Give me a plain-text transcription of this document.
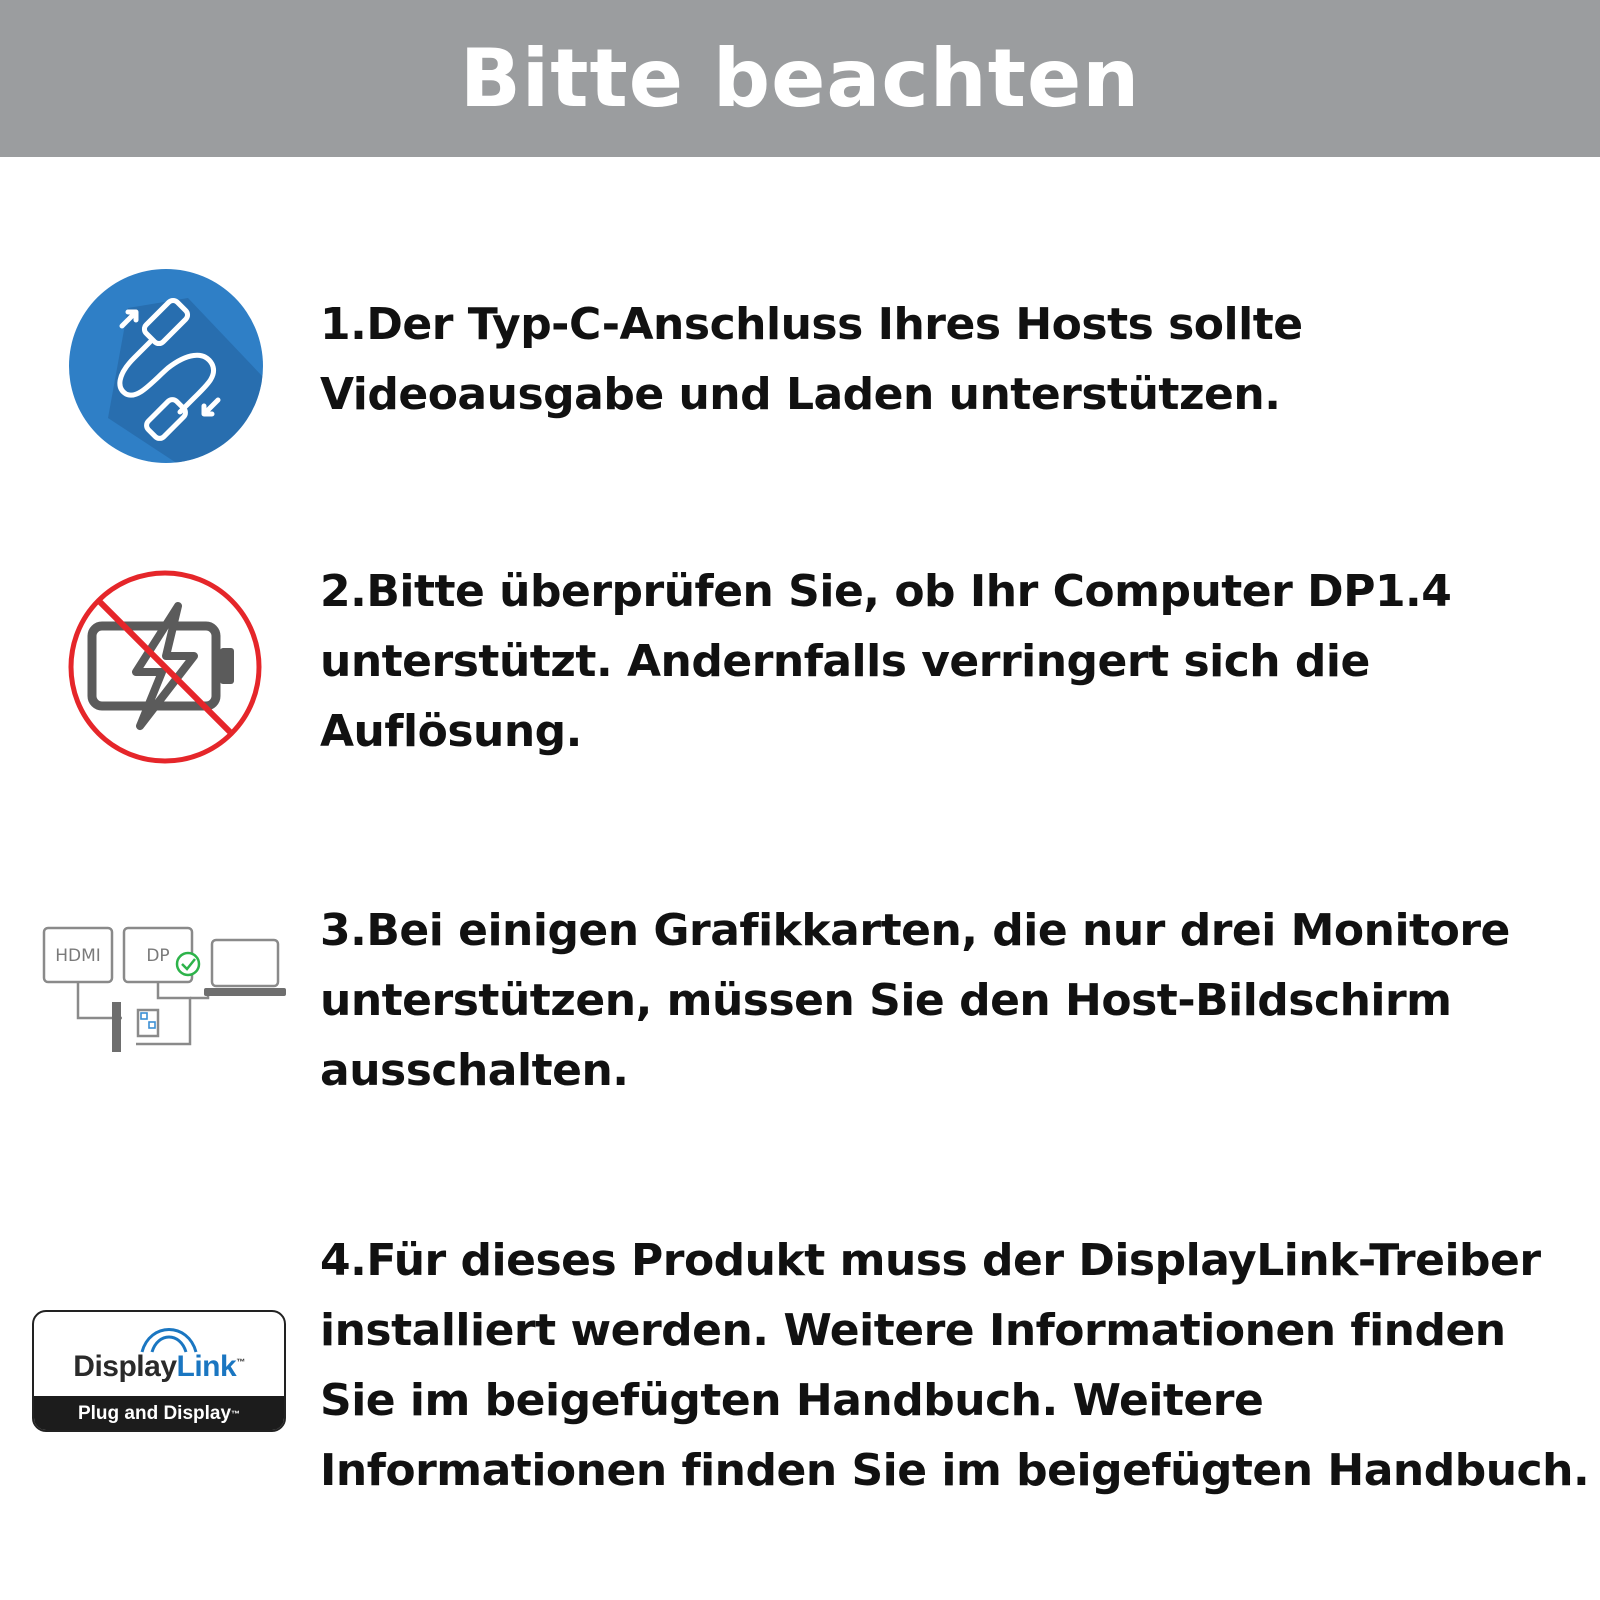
Bitte beachten

1.Der Typ-C-Anschluss Ihres Hosts sollte Videoausgabe und Laden unterstützen.

2.Bitte überprüfen Sie, ob Ihr Computer DP1.4 unterstützt. Andernfalls verringert sich die Auflösung.

HDMI	DP	3.Bei einigen Grafikkarten, die nur drei Monitore unterstützen, müssen Sie den Host-Bildschirm ausschalten.

DisplayLink™
Plug and Display ™

4.Für dieses Produkt muss der DisplayLink-Treiber installiert werden. Weitere Informationen finden Sie im beigefügten Handbuch. Weitere Informationen finden Sie im beigefügten Handbuch.
